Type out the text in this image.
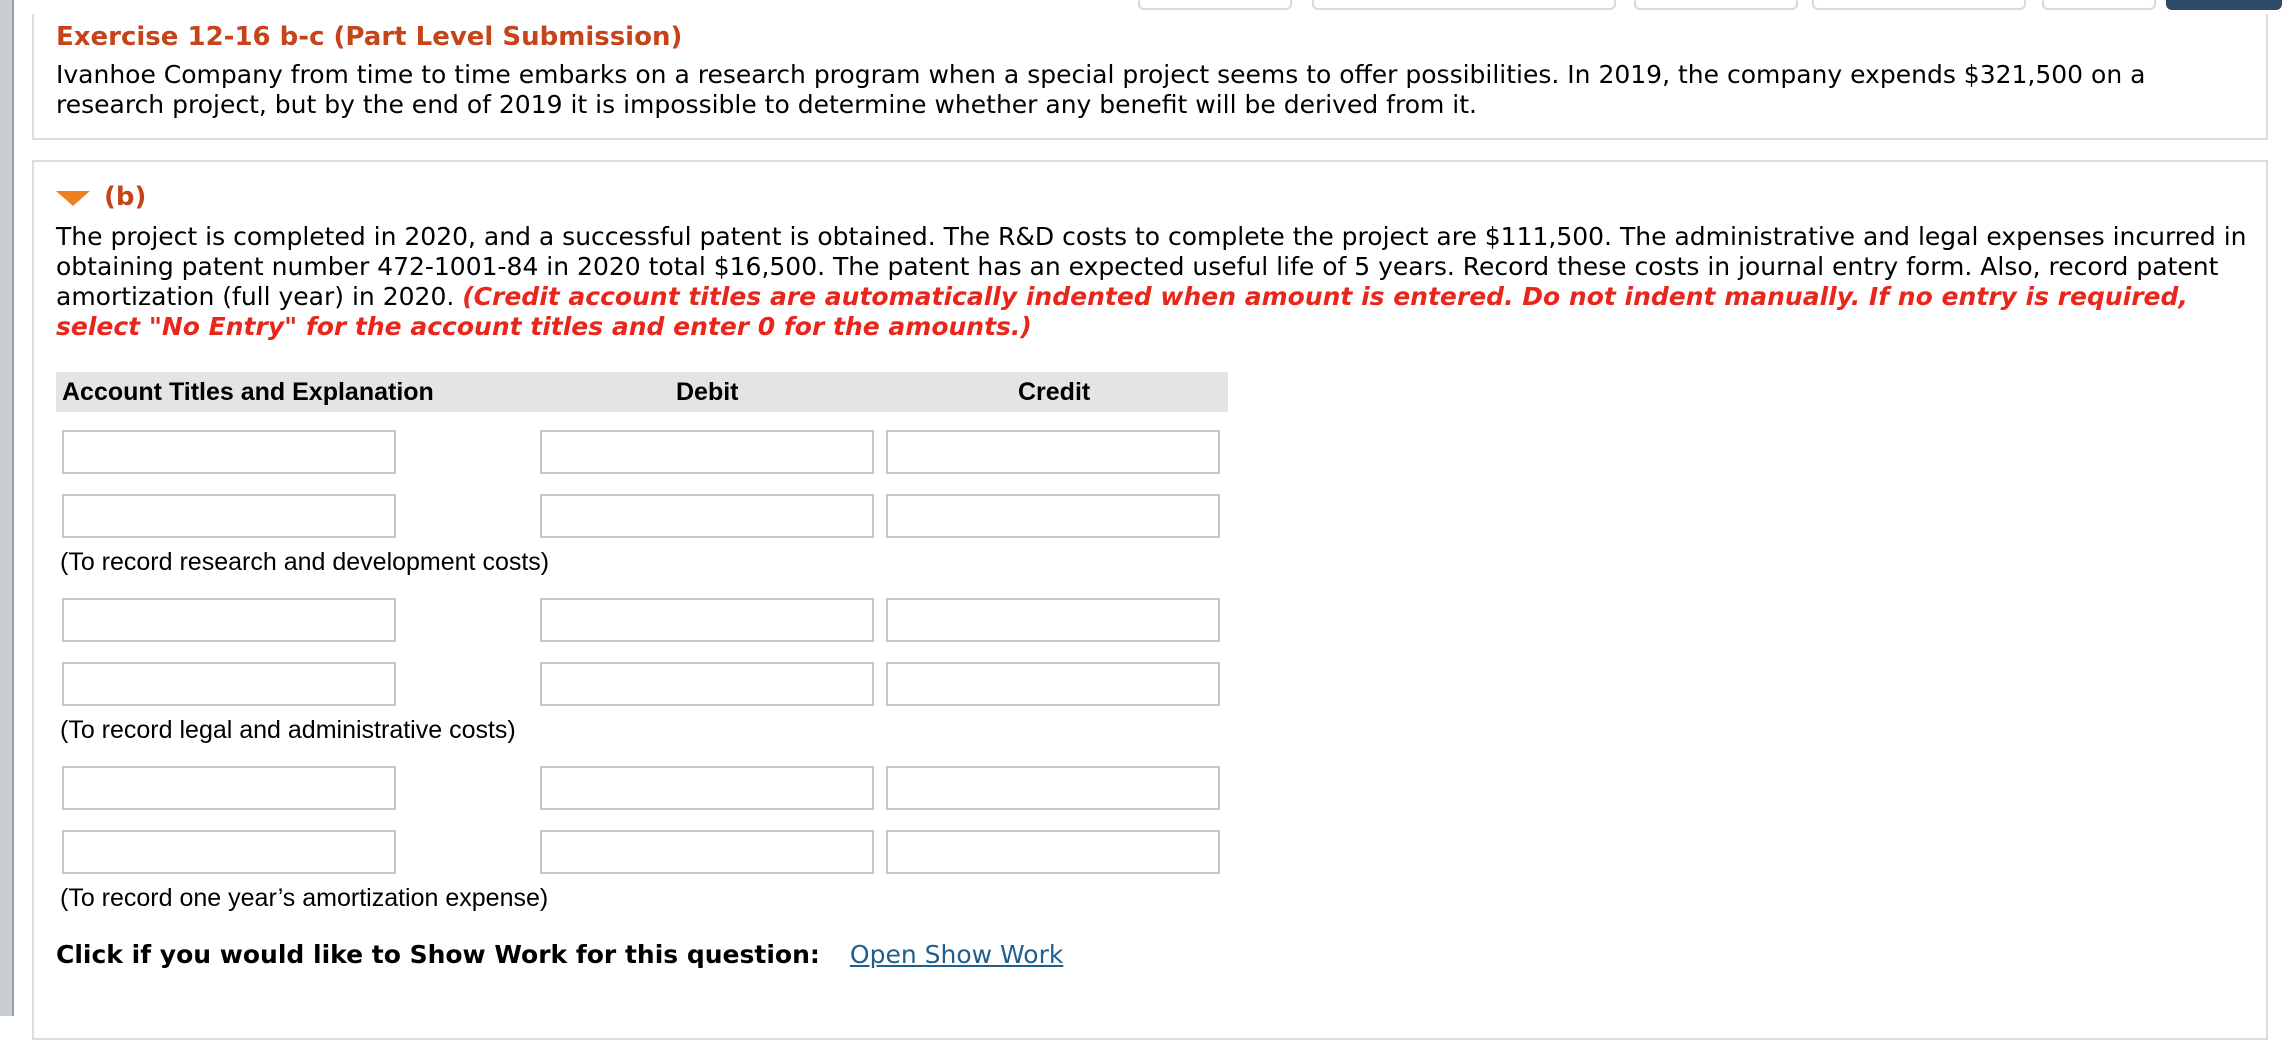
Exercise 12-16 b-c (Part Level Submission)
Ivanhoe Company from time to time embarks on a research program when a special project seems to offer possibilities. In 2019, the company expends $321,500 on a research project, but by the end of 2019 it is impossible to determine whether any benefit will be derived from it.
(b)
The project is completed in 2020, and a successful patent is obtained. The R&D costs to complete the project are $111,500. The administrative and legal expenses incurred in obtaining patent number 472-1001-84 in 2020 total $16,500. The patent has an expected useful life of 5 years. Record these costs in journal entry form. Also, record patent amortization (full year) in 2020. (Credit account titles are automatically indented when amount is entered. Do not indent manually. If no entry is required, select "No Entry" for the account titles and enter 0 for the amounts.)
Account Titles and Explanation	Debit	Credit
(To record research and development costs)
(To record legal and administrative costs)
(To record one year’s amortization expense)
Click if you would like to Show Work for this question: Open Show Work
